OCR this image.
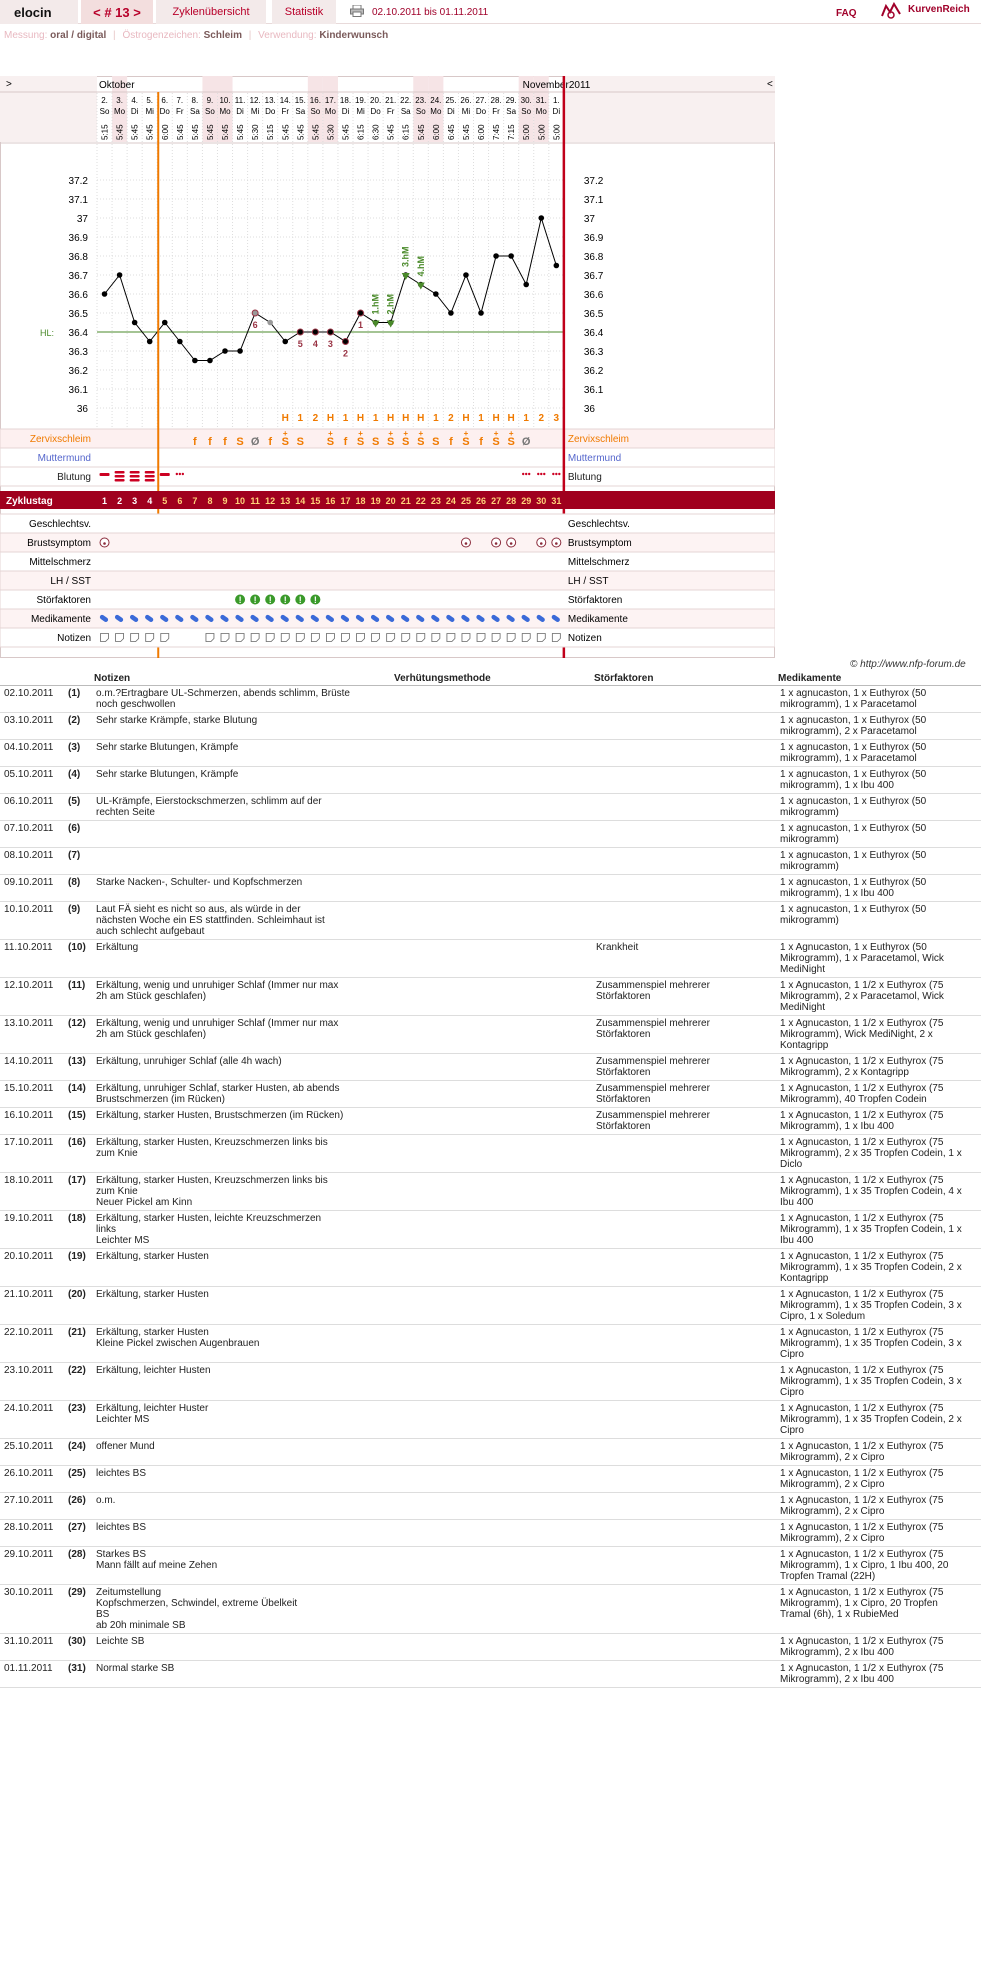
elocin	< # 13 >	Zyklenübersicht	Statistik	02.10.2011 bis 01.11.2011	FAQ	KurvenReich
Messung: oral / digital | Östrogenzeichen: Schleim | Verwendung: Kinderwunsch
>	<
Oktober	November 2011
2.
So
5:15
3.
Mo
5:45
4.
Di
5:45
5.
Mi
5:45
6.
Do
6:00
7.
Fr
5:45
8.
Sa
5:45
9.
So
5:45
10.
Mo
5:45
11.
Di
5:45
12.
Mi
5:30
13.
Do
5:15
14.
Fr
5:45
15.
Sa
5:45
16.
So
5:45
17.
Mo
5:30
18.
Di
5:45
19.
Mi
6:15
20.
Do
6:30
21.
Fr
5:45
22.
Sa
6:15
23.
So
5:45
24.
Mo
6:00
25.
Di
6:45
26.
Mi
5:45
27.
Do
6:00
28.
Fr
7:45
29.
Sa
7:15
30.
So
5:00
31.
Mo
5:00
1.
Di
5:00
37.2	37.2
37.1	37.1
37	37
36.9	36.9
36.8	36.8
36.7	36.7
36.6	36.6
36.5	36.5
36.4	36.4
36.3	36.3
36.2	36.2
36.1	36.1
36	36
HL:
6
5 4 3
2
1
1.hM 2.hM
3.hM 4.hM
H 1 2 H 1 H 1 H H H 1 2 H 1 H H 1 2 3
Zervixschleim	Zervixschleim
Muttermund	Muttermund
Blutung	Blutung
f f f S Ø f S
+
S S
+
f S
+
S S
+
S
+
S
+
S f S
+
f S
+
S
+
Ø
Zyklustag	1 2 3 4 5 6 7 8 9 10 11 12 13 14 15 16 17 18 19 20 21 22 23 24 25 26 27 28 29 30 31
Geschlechtsv.	Geschlechtsv.
Brustsymptom	Brustsymptom
Mittelschmerz	Mittelschmerz
LH / SST	LH / SST
Störfaktoren	Störfaktoren
! ! ! ! ! !
Medikamente	Medikamente
Notizen	Notizen
© http://www.nfp-forum.de
		Notizen	Verhütungsmethode	Störfaktoren	Medikamente
02.10.2011	(1)	o.m.?Ertragbare UL-Schmerzen, abends schlimm, Brüste
noch geschwollen			1 x agnucaston, 1 x Euthyrox (50
mikrogramm), 1 x Paracetamol
03.10.2011	(2)	Sehr starke Krämpfe, starke Blutung			1 x agnucaston, 1 x Euthyrox (50
mikrogramm), 2 x Paracetamol
04.10.2011	(3)	Sehr starke Blutungen, Krämpfe			1 x agnucaston, 1 x Euthyrox (50
mikrogramm), 1 x Paracetamol
05.10.2011	(4)	Sehr starke Blutungen, Krämpfe			1 x agnucaston, 1 x Euthyrox (50
mikrogramm), 1 x Ibu 400
06.10.2011	(5)	UL-Krämpfe, Eierstockschmerzen, schlimm auf der
rechten Seite			1 x agnucaston, 1 x Euthyrox (50
mikrogramm)
07.10.2011	(6)				1 x agnucaston, 1 x Euthyrox (50
mikrogramm)
08.10.2011	(7)				1 x agnucaston, 1 x Euthyrox (50
mikrogramm)
09.10.2011	(8)	Starke Nacken-, Schulter- und Kopfschmerzen			1 x agnucaston, 1 x Euthyrox (50
mikrogramm), 1 x Ibu 400
10.10.2011	(9)	Laut FÄ sieht es nicht so aus, als würde in der
nächsten Woche ein ES stattfinden. Schleimhaut ist
auch schlecht aufgebaut			1 x agnucaston, 1 x Euthyrox (50
mikrogramm)
11.10.2011	(10)	Erkältung		Krankheit	1 x Agnucaston, 1 x Euthyrox (50
Mikrogramm), 1 x Paracetamol, Wick
MediNight
12.10.2011	(11)	Erkältung, wenig und unruhiger Schlaf (Immer nur max
2h am Stück geschlafen)		Zusammenspiel mehrerer
Störfaktoren	1 x Agnucaston, 1 1/2 x Euthyrox (75
Mikrogramm), 2 x Paracetamol, Wick
MediNight
13.10.2011	(12)	Erkältung, wenig und unruhiger Schlaf (Immer nur max
2h am Stück geschlafen)		Zusammenspiel mehrerer
Störfaktoren	1 x Agnucaston, 1 1/2 x Euthyrox (75
Mikrogramm), Wick MediNight, 2 x
Kontagripp
14.10.2011	(13)	Erkältung, unruhiger Schlaf (alle 4h wach)		Zusammenspiel mehrerer
Störfaktoren	1 x Agnucaston, 1 1/2 x Euthyrox (75
Mikrogramm), 2 x Kontagripp
15.10.2011	(14)	Erkältung, unruhiger Schlaf, starker Husten, ab abends
Brustschmerzen (im Rücken)		Zusammenspiel mehrerer
Störfaktoren	1 x Agnucaston, 1 1/2 x Euthyrox (75
Mikrogramm), 40 Tropfen Codein
16.10.2011	(15)	Erkältung, starker Husten, Brustschmerzen (im Rücken)		Zusammenspiel mehrerer
Störfaktoren	1 x Agnucaston, 1 1/2 x Euthyrox (75
Mikrogramm), 1 x Ibu 400
17.10.2011	(16)	Erkältung, starker Husten, Kreuzschmerzen links bis
zum Knie			1 x Agnucaston, 1 1/2 x Euthyrox (75
Mikrogramm), 2 x 35 Tropfen Codein, 1 x
Diclo
18.10.2011	(17)	Erkältung, starker Husten, Kreuzschmerzen links bis
zum Knie
Neuer Pickel am Kinn			1 x Agnucaston, 1 1/2 x Euthyrox (75
Mikrogramm), 1 x 35 Tropfen Codein, 4 x
Ibu 400
19.10.2011	(18)	Erkältung, starker Husten, leichte Kreuzschmerzen
links
Leichter MS			1 x Agnucaston, 1 1/2 x Euthyrox (75
Mikrogramm), 1 x 35 Tropfen Codein, 1 x
Ibu 400
20.10.2011	(19)	Erkältung, starker Husten			1 x Agnucaston, 1 1/2 x Euthyrox (75
Mikrogramm), 1 x 35 Tropfen Codein, 2 x
Kontagripp
21.10.2011	(20)	Erkältung, starker Husten			1 x Agnucaston, 1 1/2 x Euthyrox (75
Mikrogramm), 1 x 35 Tropfen Codein, 3 x
Cipro, 1 x Soledum
22.10.2011	(21)	Erkältung, starker Husten
Kleine Pickel zwischen Augenbrauen			1 x Agnucaston, 1 1/2 x Euthyrox (75
Mikrogramm), 1 x 35 Tropfen Codein, 3 x
Cipro
23.10.2011	(22)	Erkältung, leichter Husten			1 x Agnucaston, 1 1/2 x Euthyrox (75
Mikrogramm), 1 x 35 Tropfen Codein, 3 x
Cipro
24.10.2011	(23)	Erkältung, leichter Huster
Leichter MS			1 x Agnucaston, 1 1/2 x Euthyrox (75
Mikrogramm), 1 x 35 Tropfen Codein, 2 x
Cipro
25.10.2011	(24)	offener Mund			1 x Agnucaston, 1 1/2 x Euthyrox (75
Mikrogramm), 2 x Cipro
26.10.2011	(25)	leichtes BS			1 x Agnucaston, 1 1/2 x Euthyrox (75
Mikrogramm), 2 x Cipro
27.10.2011	(26)	o.m.			1 x Agnucaston, 1 1/2 x Euthyrox (75
Mikrogramm), 2 x Cipro
28.10.2011	(27)	leichtes BS			1 x Agnucaston, 1 1/2 x Euthyrox (75
Mikrogramm), 2 x Cipro
29.10.2011	(28)	Starkes BS
Mann fällt auf meine Zehen			1 x Agnucaston, 1 1/2 x Euthyrox (75
Mikrogramm), 1 x Cipro, 1 Ibu 400, 20
Tropfen Tramal (22H)
30.10.2011	(29)	Zeitumstellung
Kopfschmerzen, Schwindel, extreme Übelkeit
BS
ab 20h minimale SB			1 x Agnucaston, 1 1/2 x Euthyrox (75
Mikrogramm), 1 x Cipro, 20 Tropfen
Tramal (6h), 1 x RubieMed
31.10.2011	(30)	Leichte SB			1 x Agnucaston, 1 1/2 x Euthyrox (75
Mikrogramm), 2 x Ibu 400
01.11.2011	(31)	Normal starke SB			1 x Agnucaston, 1 1/2 x Euthyrox (75
Mikrogramm), 2 x Ibu 400
